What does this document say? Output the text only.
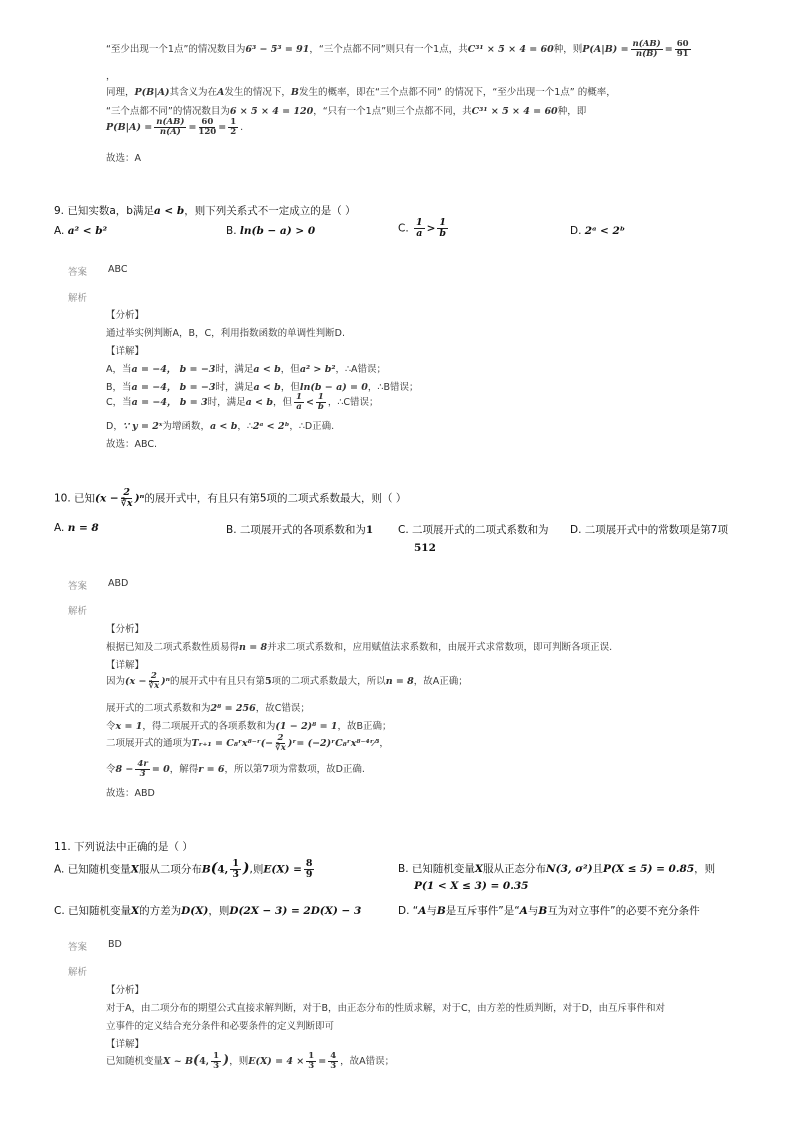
“至少出现一个1点”的情况数目为6³ − 5³ = 91，“三个点都不同”则只有一个1点，共C³¹ × 5 × 4 = 60种，则$P(A|B) = \frac{n(AB)}{n(B)} = \frac{60}{91}$
，
同理，P(B|A)其含义为在A发生的情况下，B发生的概率，即在“三个点都不同” 的情况下，“至少出现一个1点” 的概率，
“三个点都不同”的情况数目为6 × 5 × 4 = 120，“只有一个1点”则三个点都不同，共C³¹ × 5 × 4 = 60种，即
$P(B|A) = \frac{n(AB)}{n(A)} = \frac{60}{120} = \frac{1}{2}$ .
故选：A
9. 已知实数a，b满足a < b，则下列关系式不一定成立的是（ ）
A. a² < b²	B. ln(b − a) > 0	C. $\frac{1}{a} > \frac{1}{b}$	D. 2ᵃ < 2ᵇ
答案 ABC
解析
【分析】
通过举实例判断A，B，C，利用指数函数的单调性判断D.
【详解】
A，当a = −4， b = −3时，满足a < b，但a² > b²，∴A错误；
B，当a = −4， b = −3时，满足a < b，但ln(b − a) = 0，∴B错误；
C，当a = −4， b = 3时，满足a < b，但 $\frac{1}{a} < \frac{1}{b}$ ，∴C错误；
D，∵ y = 2ˣ为增函数，a < b，∴2ᵃ < 2ᵇ，∴D正确.
故选：ABC.
10. 已知$(x - \frac{2}{∛x} )^n$的展开式中，有且只有第5项的二项式系数最大，则（ ）
A. n = 8	B. 二项展开式的各项系数和为1 C. 二项展开式的二项式系数和为
512
D. 二项展开式中的常数项是第7项
答案 ABD
解析
【分析】
根据已知及二项式系数性质易得n = 8并求二项式系数和，应用赋值法求系数和，由展开式求常数项，即可判断各项正误.
【详解】
因为$(x - \frac{2}{∛x} )^n$的展开式中有且只有第5项的二项式系数最大，所以n = 8，故A正确；
展开式的二项式系数和为2⁸ = 256，故C错误；
令x = 1，得二项展开式的各项系数和为(1 − 2)⁸ = 1，故B正确；
二项展开式的通项为Tᵣ₊₁ = C₈ʳx⁸⁻ʳ(− $\frac{2}{∛x}$ )ʳ= (−2)ʳC₈ʳx⁸⁻⁴ʳ⁄³，
令$8 - \frac{4r}{3} = 0$，解得r = 6，所以第7项为常数项，故D正确.
故选：ABD
11. 下列说法中正确的是（ ）
A. 已知随机变量X服从二项分布B(4, $\frac{1}{3}$ ),则$E(X) = \frac{8}{9}$	B. 已知随机变量X服从正态分布N(3, σ²)且P(X ≤ 5) = 0.85，则
P(1 < X ≤ 3) = 0.35
C. 已知随机变量X的方差为D(X)，则D(2X − 3) = 2D(X) − 3	D. “A与B是互斥事件”是“A与B互为对立事件”的必要不充分条件
答案 BD
解析
【分析】
对于A，由二项分布的期望公式直接求解判断，对于B，由正态分布的性质求解，对于C，由方差的性质判断，对于D，由互斥事件和对
立事件的定义结合充分条件和必要条件的定义判断即可
【详解】
已知随机变量X ~ B(4, $\frac{1}{3}$ )，则$E(X) = 4 \times \frac{1}{3} = \frac{4}{3}$ ，故A错误；
